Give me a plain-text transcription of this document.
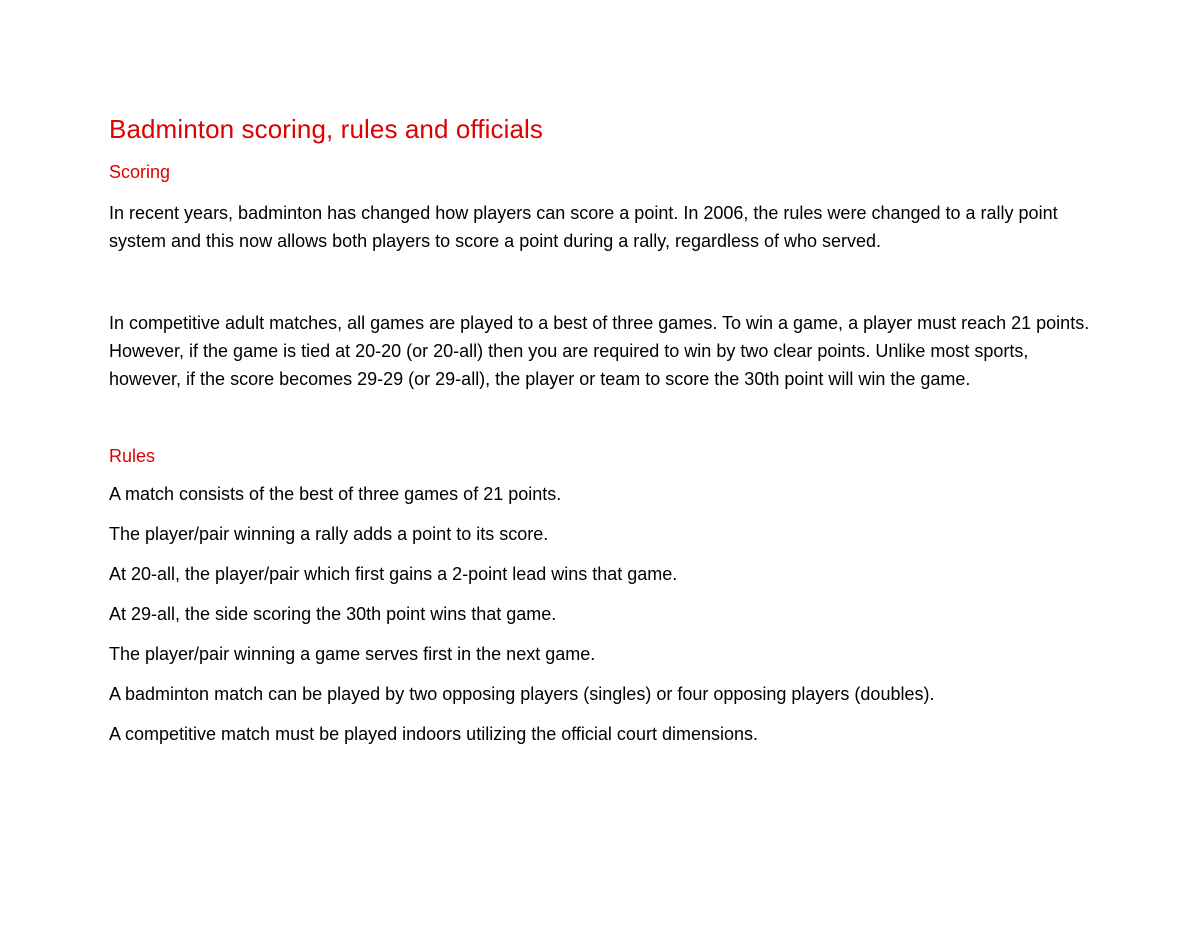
Badminton scoring, rules and officials
Scoring

In recent years, badminton has changed how players can score a point. In 2006, the rules were changed to a rally point system and this now allows both players to score a point during a rally, regardless of who served.

In competitive adult matches, all games are played to a best of three games. To win a game, a player must reach 21 points. However, if the game is tied at 20-20 (or 20-all) then you are required to win by two clear points. Unlike most sports, however, if the score becomes 29-29 (or 29-all), the player or team to score the 30th point will win the game.

Rules

A match consists of the best of three games of 21 points.

The player/pair winning a rally adds a point to its score.

At 20-all, the player/pair which first gains a 2-point lead wins that game.

At 29-all, the side scoring the 30th point wins that game.

The player/pair winning a game serves first in the next game.

A badminton match can be played by two opposing players (singles) or four opposing players (doubles).

A competitive match must be played indoors utilizing the official court dimensions.
